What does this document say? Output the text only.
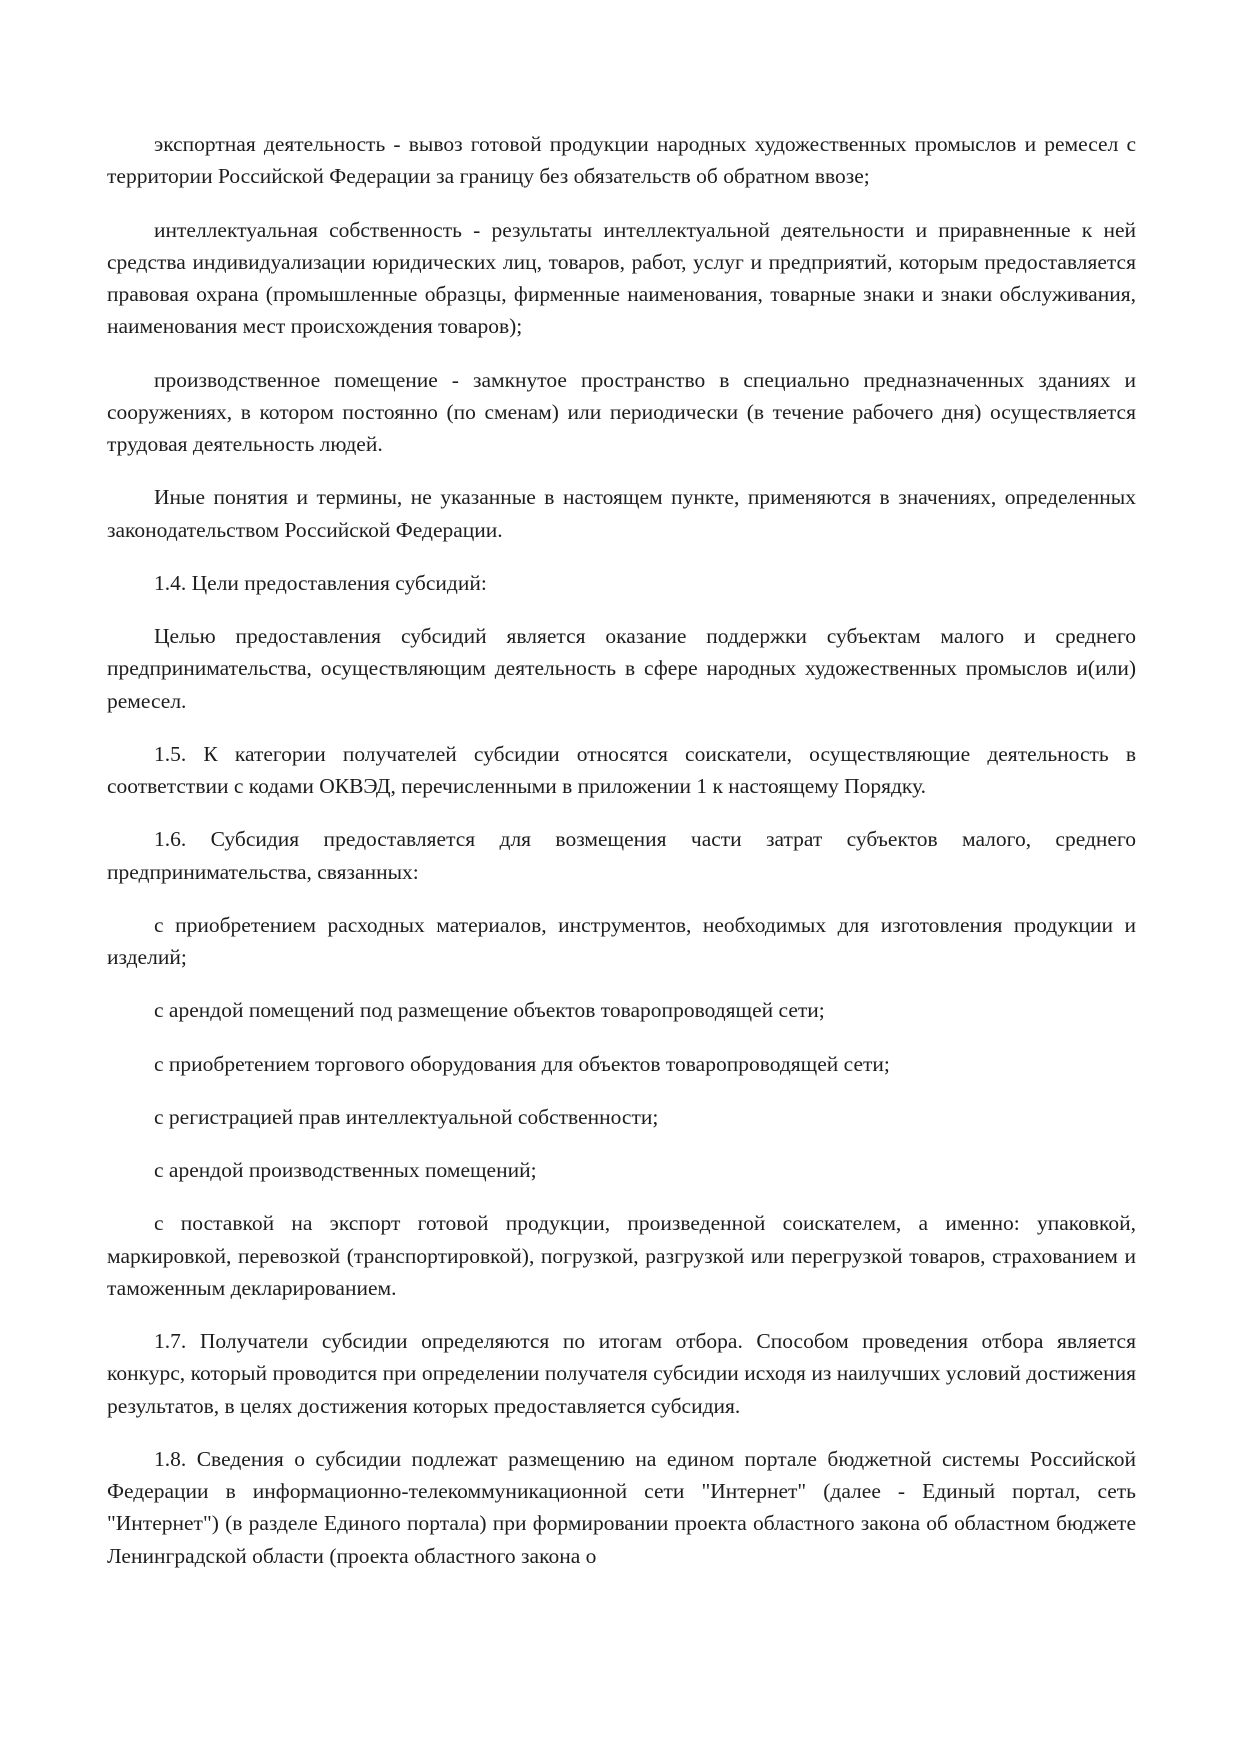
экспортная деятельность - вывоз готовой продукции народных художественных промыслов и ремесел с территории Российской Федерации за границу без обязательств об обратном ввозе;

интеллектуальная собственность - результаты интеллектуальной деятельности и приравненные к ней средства индивидуализации юридических лиц, товаров, работ, услуг и предприятий, которым предоставляется правовая охрана (промышленные образцы, фирменные наименования, товарные знаки и знаки обслуживания, наименования мест происхождения товаров);

производственное помещение - замкнутое пространство в специально предназначенных зданиях и сооружениях, в котором постоянно (по сменам) или периодически (в течение рабочего дня) осуществляется трудовая деятельность людей.

Иные понятия и термины, не указанные в настоящем пункте, применяются в значениях, определенных законодательством Российской Федерации.

1.4. Цели предоставления субсидий:

Целью предоставления субсидий является оказание поддержки субъектам малого и среднего предпринимательства, осуществляющим деятельность в сфере народных художественных промыслов и(или) ремесел.

1.5. К категории получателей субсидии относятся соискатели, осуществляющие деятельность в соответствии с кодами ОКВЭД, перечисленными в приложении 1 к настоящему Порядку.

1.6. Субсидия предоставляется для возмещения части затрат субъектов малого, среднего предпринимательства, связанных:

с приобретением расходных материалов, инструментов, необходимых для изготовления продукции и изделий;

с арендой помещений под размещение объектов товаропроводящей сети;

с приобретением торгового оборудования для объектов товаропроводящей сети;

с регистрацией прав интеллектуальной собственности;

с арендой производственных помещений;

с поставкой на экспорт готовой продукции, произведенной соискателем, а именно: упаковкой, маркировкой, перевозкой (транспортировкой), погрузкой, разгрузкой или перегрузкой товаров, страхованием и таможенным декларированием.

1.7. Получатели субсидии определяются по итогам отбора. Способом проведения отбора является конкурс, который проводится при определении получателя субсидии исходя из наилучших условий достижения результатов, в целях достижения которых предоставляется субсидия.

1.8. Сведения о субсидии подлежат размещению на едином портале бюджетной системы Российской Федерации в информационно-телекоммуникационной сети "Интернет" (далее - Единый портал, сеть "Интернет") (в разделе Единого портала) при формировании проекта областного закона об областном бюджете Ленинградской области (проекта областного закона о
